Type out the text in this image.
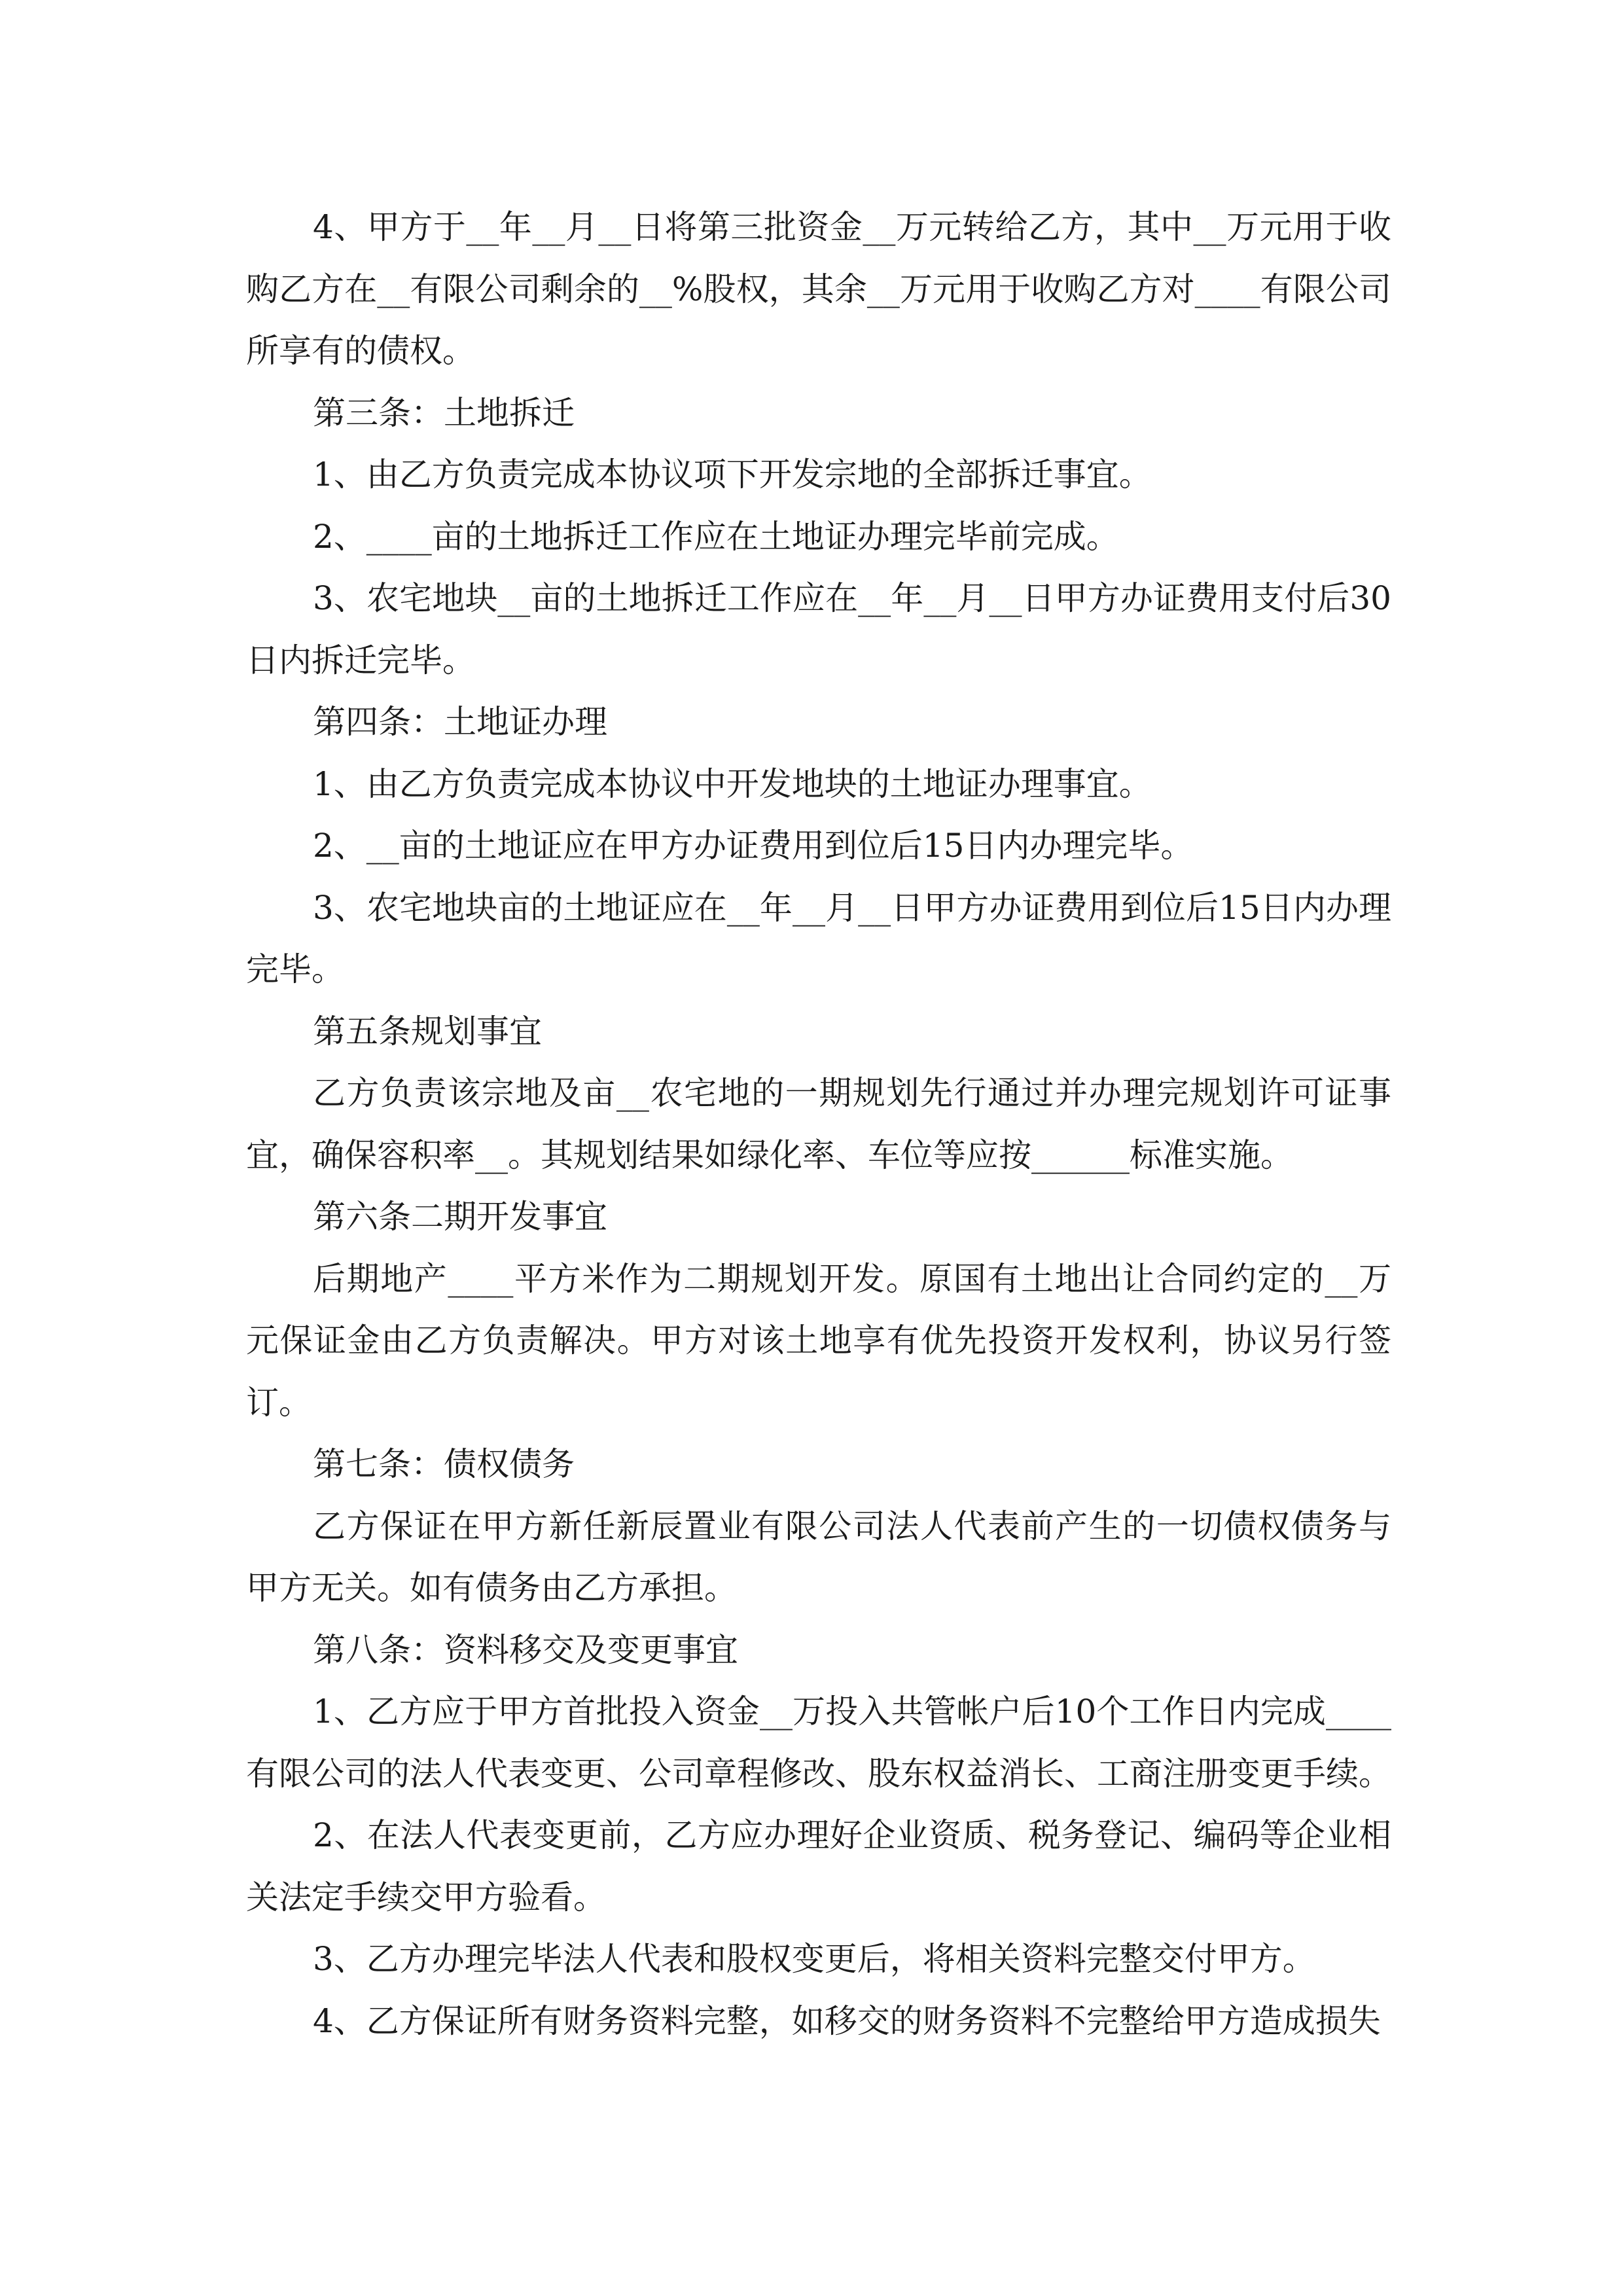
4、甲方于__年__月__日将第三批资金__万元转给乙方，其中__万元用于收购乙方在__有限公司剩余的__%股权，其余__万元用于收购乙方对____有限公司所享有的债权。

第三条：土地拆迁

1、由乙方负责完成本协议项下开发宗地的全部拆迁事宜。

2、____亩的土地拆迁工作应在土地证办理完毕前完成。

3、农宅地块__亩的土地拆迁工作应在__年__月__日甲方办证费用支付后30日内拆迁完毕。

第四条：土地证办理

1、由乙方负责完成本协议中开发地块的土地证办理事宜。

2、__亩的土地证应在甲方办证费用到位后15日内办理完毕。

3、农宅地块亩的土地证应在__年__月__日甲方办证费用到位后15日内办理完毕。

第五条规划事宜

乙方负责该宗地及亩__农宅地的一期规划先行通过并办理完规划许可证事宜，确保容积率__。其规划结果如绿化率、车位等应按______标准实施。

第六条二期开发事宜

后期地产____平方米作为二期规划开发。原国有土地出让合同约定的__万元保证金由乙方负责解决。甲方对该土地享有优先投资开发权利，协议另行签订。

第七条：债权债务

乙方保证在甲方新任新辰置业有限公司法人代表前产生的一切债权债务与甲方无关。如有债务由乙方承担。

第八条：资料移交及变更事宜

1、乙方应于甲方首批投入资金__万投入共管帐户后10个工作日内完成____有限公司的法人代表变更、公司章程修改、股东权益消长、工商注册变更手续。

2、在法人代表变更前，乙方应办理好企业资质、税务登记、编码等企业相关法定手续交甲方验看。

3、乙方办理完毕法人代表和股权变更后，将相关资料完整交付甲方。

4、乙方保证所有财务资料完整，如移交的财务资料不完整给甲方造成损失
